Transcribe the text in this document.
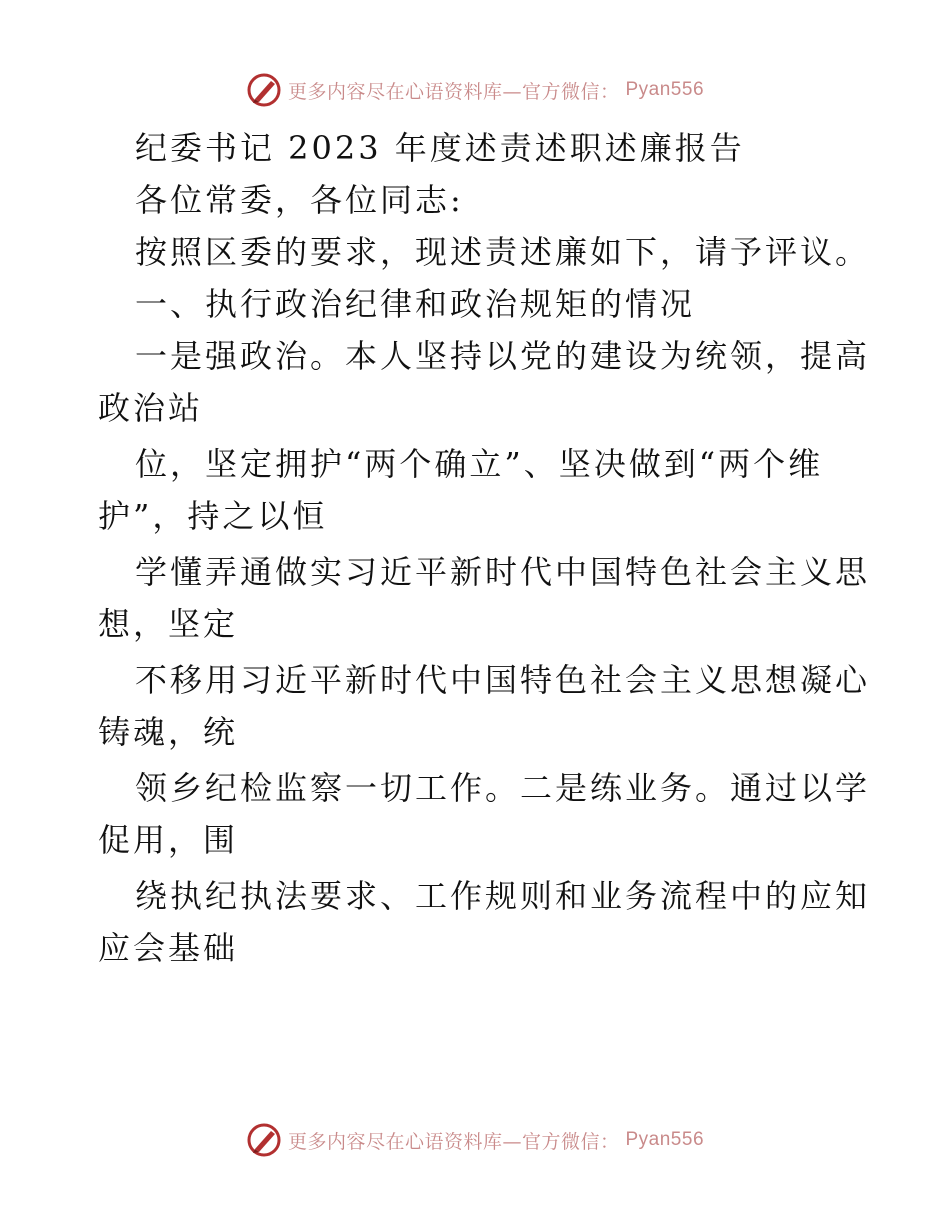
更多内容尽在心语资料库—官方微信： Pyan556
纪委书记 2023 年度述责述职述廉报告
各位常委，各位同志:
按照区委的要求，现述责述廉如下，请予评议。
一、执行政治纪律和政治规矩的情况
一是强政治。本人坚持以党的建设为统领，提高
政治站
位，坚定拥护“两个确立”、坚决做到“两个维
护”，持之以恒
学懂弄通做实习近平新时代中国特色社会主义思
想，坚定
不移用习近平新时代中国特色社会主义思想凝心
铸魂，统
领乡纪检监察一切工作。二是练业务。通过以学
促用，围
绕执纪执法要求、工作规则和业务流程中的应知
应会基础
更多内容尽在心语资料库—官方微信： Pyan556
